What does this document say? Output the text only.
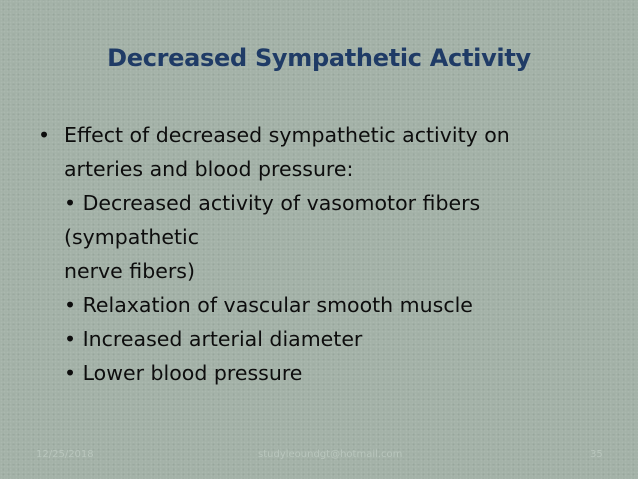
Decreased Sympathetic Activity
• Effect of decreased sympathetic activity on
arteries and blood pressure:
• Decreased activity of vasomotor fibers
(sympathetic
nerve fibers)
• Relaxation of vascular smooth muscle
• Increased arterial diameter
• Lower blood pressure
12/25/2018	studyleoundgt@hotmail.com	35
